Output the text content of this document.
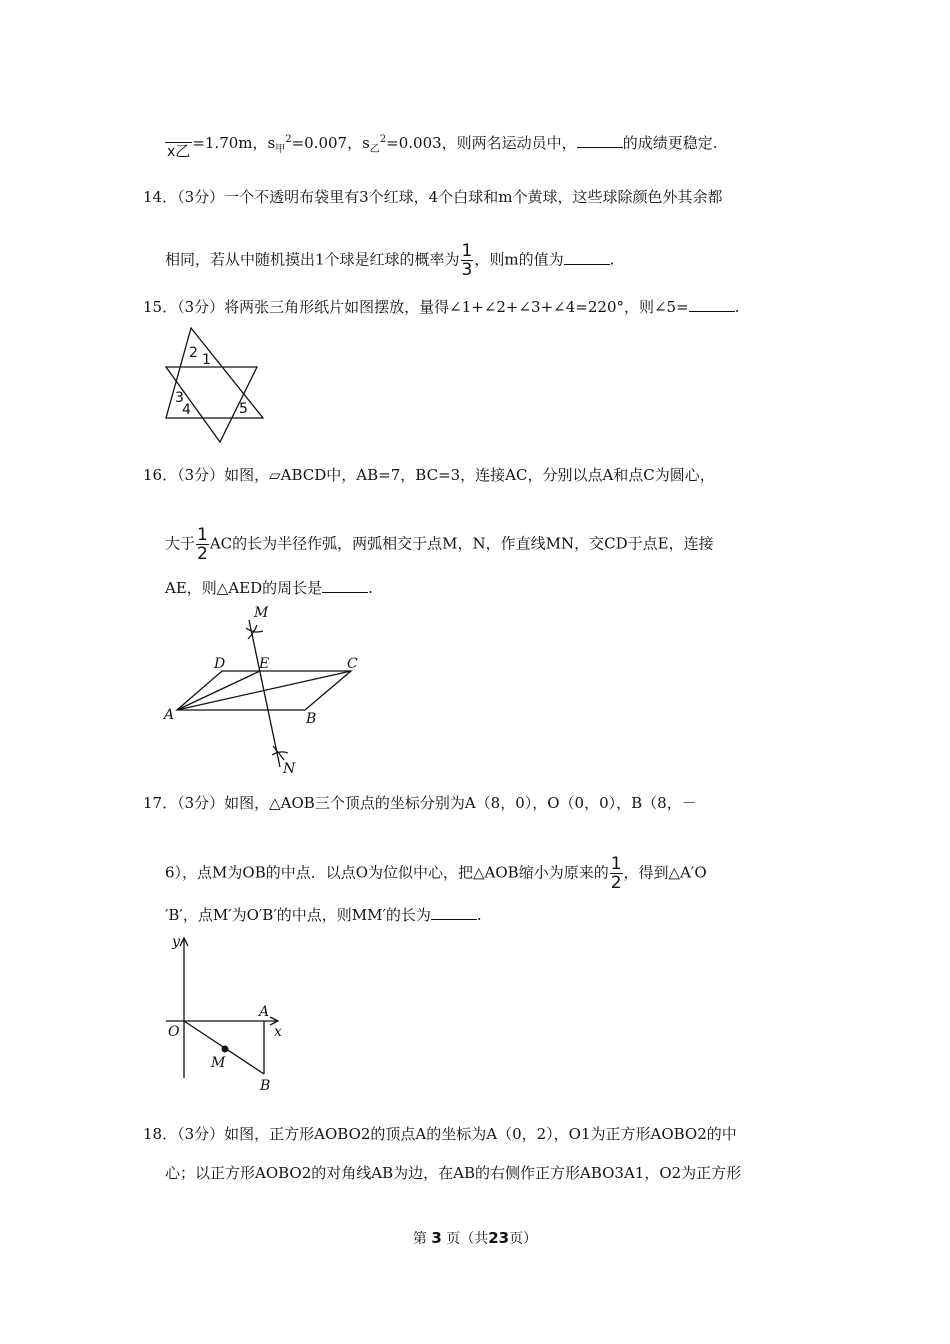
x乙 =1.70m，$s_甲^2=0.007$，$s_乙^2=0.003$，则两名运动员中，	的成绩更稳定.
14．（3分）一个不透明布袋里有3个红球，4个白球和m个黄球，这些球除颜色外其余都
相同，若从中随机摸出1个球是红球的概率为 $\frac{1}{3}$ ，则m的值为	.
15．（3分）将两张三角形纸片如图摆放，量得∠1+∠2+∠3+∠4=220°，则∠5=	.
2 1
3
4	5
16．（3分）如图，▱ABCD中，AB=7，BC=3，连接AC，分别以点A和点C为圆心，
大于 $\frac{1}{2}$ AC的长为半径作弧，两弧相交于点M，N，作直线MN，交CD于点E，连接
AE，则△AED的周长是	.
M
D E	C
A	B
N
17．（3分）如图，△AOB三个顶点的坐标分别为A（8，0），O（0，0），B（8，－
6），点M为OB的中点．以点O为位似中心，把△AOB缩小为原来的 $\frac{1}{2}$ ，得到△A′O
′B′，点M′为O′B′的中点，则MM′的长为	.
y
x
O
A
M
B
18．（3分）如图，正方形AOBO2的顶点A的坐标为A（0，2），O1为正方形AOBO2的中
心；以正方形AOBO2的对角线AB为边，在AB的右侧作正方形ABO3A1，O2为正方形
第 3 页（共23页）
